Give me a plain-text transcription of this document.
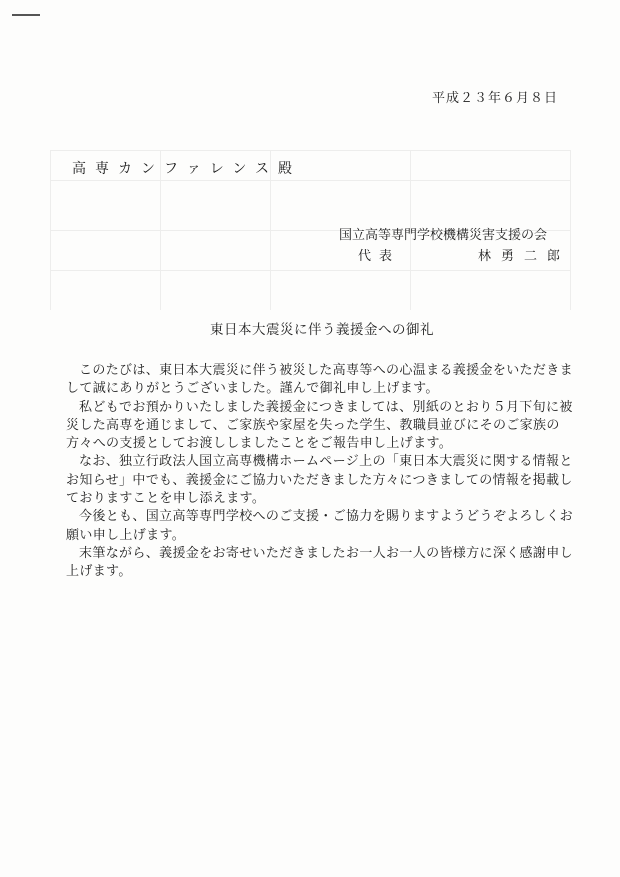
平成２３年６月８日
高専カンファレンス殿
国立高等専門学校機構災害支援の会
代表	林勇二郎
東日本大震災に伴う義援金への御礼

このたびは、東日本大震災に伴う被災した高専等への心温まる義援金をいただきまして誠にありがとうございました。謹んで御礼申し上げます。

私どもでお預かりいたしました義援金につきましては、別紙のとおり５月下旬に被災した高専を通じまして、ご家族や家屋を失った学生、教職員並びにそのご家族の方々への支援としてお渡ししましたことをご報告申し上げます。

なお、独立行政法人国立高専機構ホームページ上の「東日本大震災に関する情報とお知らせ」中でも、義援金にご協力いただきました方々につきましての情報を掲載しておりますことを申し添えます。

今後とも、国立高等専門学校へのご支援・ご協力を賜りますようどうぞよろしくお願い申し上げます。

末筆ながら、義援金をお寄せいただきましたお一人お一人の皆様方に深く感謝申し上げます。
